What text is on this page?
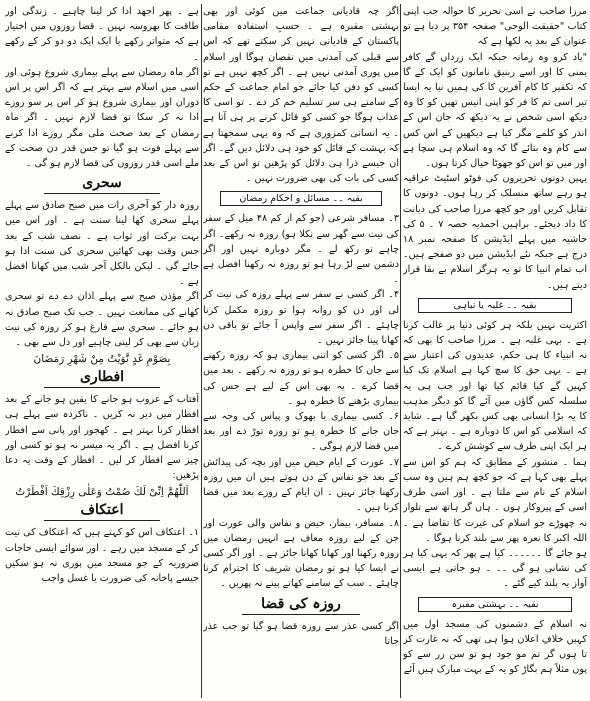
مرزا صاحب نے اسی تحریر کا حوالہ جب اپنی کتاب "حقیقت الوحی" صفحہ ۳۵۴ پر دیا ہے تو عنوان کے بعد یہ لکھا ہے کہ

"یاد کرو وہ زمانہ جبکہ ایک زرداں گے کافر یمنی کا اور اسے ربنیق نامانوں کو ایک کے گا کہ تکفیر کا کام آفرین کا کی ہمیں نیا یہ ایسا تیر اسی تم کا فر کو اپنی انیس تھیں کو کا وہ دیکھ اسی شخص نے یہ دیکھ کہ جان اس کے اندر کو کلمے مگر کیا ہے دیکھیں کے اس کس سے کام وہ بتائے گا کہ وہ اسلام ہی سچا ہے اور میں تو اس کو جھوٹا خیال کرتا ہوں۔

یہیں دونوں تحریروں کی فوٹو اسٹیٹ عراقیہ ہو رہے ساتھ منسلک کر رہا ہوں۔ دونوں کا تقابل کریں اور جو کچھ مرزا صاحب کی دیانت کا داد دیجئے۔ براہین احمدیہ حصہ ۷ ۔ ۵ کی حاشیہ میں پہلے ایڈیشن کا صفحہ نمبر ۱۸ درج ہے جبکہ نئے ایڈیشن میں دو صفحے ہیں۔ اب تمام انبیا کا تو یہ ہرگز اسلام بے بقا قرار دیتے ہیں۔

بقیہ ۔۔ غلبہ یا تباہی

اکثریت نہیں بلکہ ہر کوئی دنیا پر غالب کرنا ہے ۔ بہی غلبہ ہے ۔ مرزا صاحب کا بھی کہ نہ انبیاء کا ہی حکم، عدیدوں کی اعتبار سے ہے ۔ یہی حق کا سچ کہا ہے اسلام تک کیا کہیں گے کیا قائم کیا تھا اور جب ہی یہ سلسلہ کس گاؤں میں آئے گا کو دیگر مذہب کا یہ بڑا انسانی بھی کس بکھر گیا ہے۔ شاید کہ اسلامی کو اس کا دوبارہ ہے ۔ بہتر ہے کہ ہر ایک اپنی طرف سے کوشش کرے ۔

ہما ۔ منشور کے مطابق کہ ہم کو اس سے پہلے بھی کہا ہے کہ جو کچھ ہم ہیں وہ سب اسلام کے نام سے ملتا ہے ۔ اور اسی طرف اسی کے پیروکار ہوں ۔ ہاں گر ہاتھ سے تلوار نہ چھوڑے جو اسلام کی غیرت کا تقاضا ہے ۔ اللہ اکبر کا نعرہ پھر سے بلند کرنا ہوگا ۔

ہو جائے گا ۔۔۔۔۔۔ کیا ہے پھر کہ یہی کیا ہر کی نشانی ہو گی ۔۔ ۔ ہو جاتی ہے ایسی آواز یہ بلند کیے گئے ۔

بقیہ ۔۔ بہشتی مقبرہ

نہ اسلام کے دشمنوں کی مسجد اول میں کہیں خلافِ اعلان ہوا ہی تھی کہ نہ غارت کر تا ہوں گر تم مو جود ہو تو سن زر سے کو پوں مثلاً ہم بگاڑ کو یہ کے بہت مبارک ہیں آئے

اگر چہ قادیانی جماعت میں کوئی اور بھی بہشتی مقبرہ ہے ۔ حسبِ استفادہ مقامی پاکستان کے قادیانی نہیں کر سکتے تھے کہ اس سے قبلی کی آمدنی میں نقصان ہوگا اور اسلام میں پوری آمدنی نہیں ہے ۔ اگر کچھ نہیں ہے تو کسی کو دفن کیا جائے جو امام جماعت کے حکم کے سامنے ہی سر تسلیم خم کر دے ۔ تو اسی کا عذاب ہوگا جو کسی کو قائل کرنے پر ہی آتا ہے ۔ یہ انسانی کمزوری ہے کہ وہ یہی سمجھتا ہے کہ بہشت کے قائل کو خود ہی دلائل دیں گے۔ اگر ان جیسے ذرا ہی دلائل کو پڑھیں تو اس کے بعد کسی کی بات کی بھی ضرورت نہیں ۔

بقیہ ۔۔ مسائل و احکام رمضان

۳۔ مسافر شرعی (جو کم از کم ۴۸ میل کے سفر کی نیت سے گھر سے نکلا ہو) روزہ نہ رکھے۔ اگر چاہے تو رکھ لے ۔ مگر دوبارہ نہیں اور اگر دشمن سے لڑ رہا ہو تو روزہ نہ رکھنا افضل ہے ۔

۴۔ اگر کسی نے سفر سے پہلے روزہ کی نیت کر لی اور دن کو روانہ ہوا تو روزہ مکمل کرنا چاہئے ۔ اگر سفر سے واپس آ جائے تو باقی دن کھانا پینا جائز نہیں ۔

۵۔ اگر کسی کو اتنی بیماری ہو کہ روزہ رکھنے سے جان کا خطرہ ہو تو روزہ نہ رکھے ۔ بعد میں قضا کرے ۔ یہ بھی اس کے لیے ہے جس کی بیماری بڑھنے کا خطرہ ہو ۔

۶۔ کسی بیماری یا بھوک و پیاس کی وجہ سے جان جانے کا خطرہ ہو تو روزہ توڑ دے اور بعد میں قضا لازم ہوگی ۔

۷۔ عورت کے ایام حیض میں اور بچہ کی پیدائش کے بعد جو نفاس کے دن ہوتے ہیں ان میں روزہ رکھنا جائز نہیں ۔ ان ایام کے روزے بعد میں قضا کرنا ہیں ۔

۸۔ مسافر، بیمار، حیض و نفاس والی عورت اور جن کے لیے روزہ معاف ہے انہیں رمضان میں روزہ رکھنا اور کھانا کھانا جائز ہے ۔ اور اگر کسی نے ایسا کیا ہو تو رمضان شریف کا احترام کرنا چاہئے ۔ سب کے سامنے کھاتے پیتے نہ پھریں ۔

روزہ کی قضا

اگر کسی عذر سے روزہ قضا ہو گیا تو جب عذر جاتا

ہے ۔ پھر اجھد ادا کر لینا چاہیے ۔ زندگی اور طاقت کا بھروسہ نہیں ۔ قضا روزوں میں اختیار ہے کہ متواتر رکھے یا ایک ایک دو دو کر کے رکھے ۔

اگر ماہ رمضان سے پہلے بیماری شروع ہوئی اور اسی میں اسلام سے بہتر ہے کہ اگر اس پر اس دوران اور بیماری شروع ہو کر اس پر سو روزے ادا نہ کر سکا تو قضا لازم نہیں ۔ اگر ماہ رمضان کے بعد صحت ملی مگر روزے ادا کرنے سے پہلے فوت ہو گیا تو جس قدر دن صحت کے ملے اسی قدر روزوں کی قضا لازم ہو گی ۔

سحری

روزہ دار کو آخری رات میں صبح صادق سے پہلے پہلے سحری کھا لینا سنت ہے ۔ اور اس میں بہت برکت اور ثواب ہے ۔ نصف شب کے بعد جس وقت بھی کھائیں سحری کی سنت ادا ہو جائے گی ۔ لیکن بالکل آخر شب میں کھانا افضل ہے ۔

اگر مؤذن صبح سے پہلے اذان دے دے تو سحری کھانے کی ممانعت نہیں ۔ جب تک صبح صادق نہ ہو جائے ۔ سحری سے فارغ ہو کر روزہ کی نیت زبان سے بھی کر لینی چاہیے اور دل سے بھی ۔

بِصَوْمِ غَدٍ نَّوَيْتُ مِنْ شَهْرِ رَمَضَانَ
افطاری

آفتاب کے غروب ہو جانے کا یقین ہو جانے کے بعد افطار میں دیر نہ کریں ۔ ناکردہ سے پہلے ہی افطار کرنا بہتر ہے ۔ کھجور اور پانی سے افطار کرنا افضل ہے ۔ اگر یہ میسر نہ ہو تو کسی اور چیز سے افطار کر لیں ۔ افطار کے وقت یہ دعا پڑھیں:

اَللّٰهُمَّ اِنِّىْ لَكَ صُمْتُ وَعَلٰى رِزْقِكَ اَفْطَرْتُ
اعتکاف

۱۔ اعتکاف اس کو کہتے ہیں کہ اعتکاف کی نیت کر کے مسجد میں رہے ۔ اور سوائے ایسی حاجات ضروریہ کے جو مسجد میں پوری نہ ہو سکیں جیسے پاخانہ کی ضرورت یا غسل واجب
